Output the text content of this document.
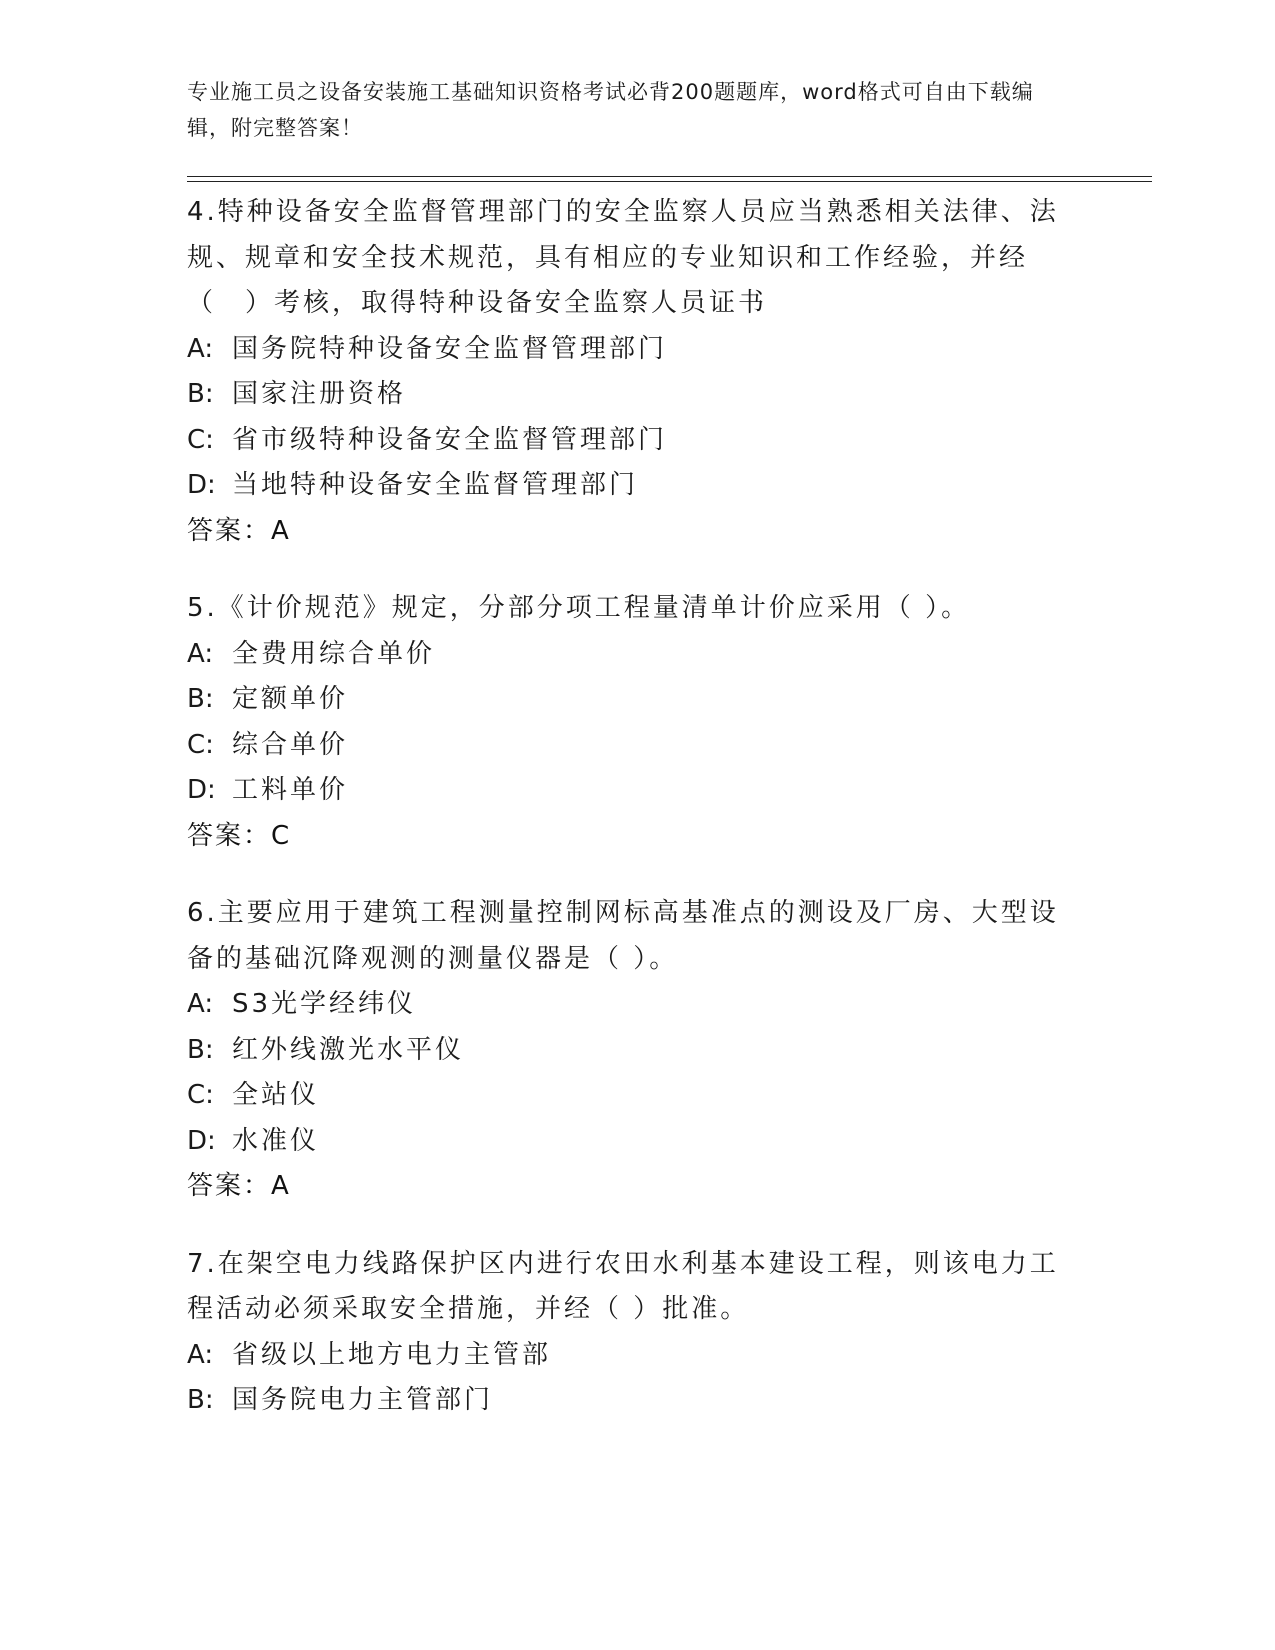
专业施工员之设备安装施工基础知识资格考试必背200题题库，word格式可自由下载编辑，附完整答案！

4.特种设备安全监督管理部门的安全监察人员应当熟悉相关法律、法规、规章和安全技术规范，具有相应的专业知识和工作经验，并经（　）考核，取得特种设备安全监察人员证书

A: 国务院特种设备安全监督管理部门
B: 国家注册资格
C: 省市级特种设备安全监督管理部门
D: 当地特种设备安全监督管理部门
答案：A

5.《计价规范》规定，分部分项工程量清单计价应采用（ ）。

A: 全费用综合单价
B: 定额单价
C: 综合单价
D: 工料单价
答案：C

6.主要应用于建筑工程测量控制网标高基准点的测设及厂房、大型设备的基础沉降观测的测量仪器是（ ）。

A: S3光学经纬仪
B: 红外线激光水平仪
C: 全站仪
D: 水准仪
答案：A

7.在架空电力线路保护区内进行农田水利基本建设工程，则该电力工程活动必须采取安全措施，并经（ ）批准。

A: 省级以上地方电力主管部
B: 国务院电力主管部门
